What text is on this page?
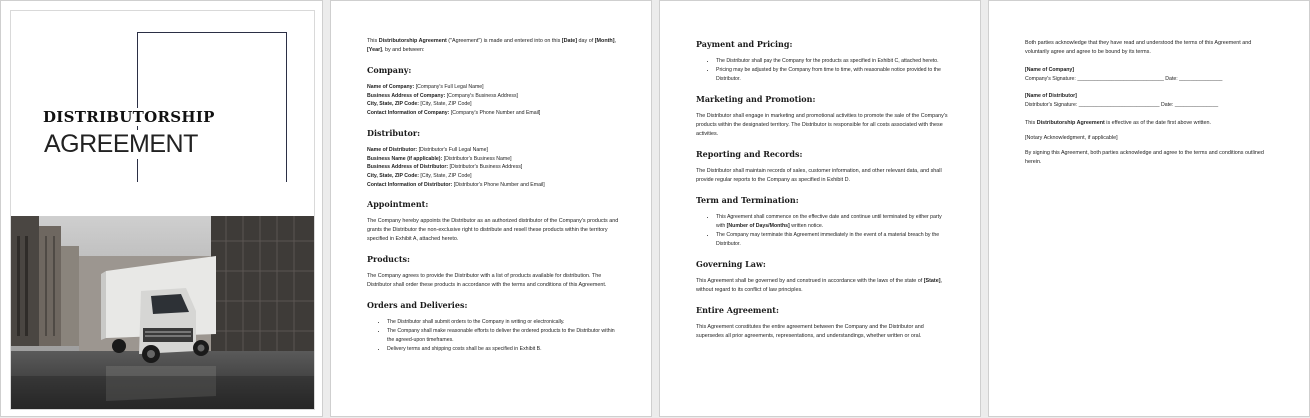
DISTRIBUTORSHIP
AGREEMENT

This Distributorship Agreement ("Agreement") is made and entered into on this [Date] day of [Month], [Year], by and between:

Company:
Name of Company: [Company's Full Legal Name]
Business Address of Company: [Company's Business Address]
City, State, ZIP Code: [City, State, ZIP Code]
Contact Information of Company: [Company's Phone Number and Email]
Distributor:
Name of Distributor: [Distributor's Full Legal Name]
Business Name (if applicable): [Distributor's Business Name]
Business Address of Distributor: [Distributor's Business Address]
City, State, ZIP Code: [City, State, ZIP Code]
Contact Information of Distributor: [Distributor's Phone Number and Email]
Appointment:

The Company hereby appoints the Distributor as an authorized distributor of the Company's products and grants the Distributor the non-exclusive right to distribute and resell these products within the territory specified in Exhibit A, attached hereto.

Products:

The Company agrees to provide the Distributor with a list of products available for distribution. The Distributor shall order these products in accordance with the terms and conditions of this Agreement.

Orders and Deliveries:
• The Distributor shall submit orders to the Company in writing or electronically.
• The Company shall make reasonable efforts to deliver the ordered products to the Distributor within the agreed-upon timeframes.
• Delivery terms and shipping costs shall be as specified in Exhibit B.
Payment and Pricing:
• The Distributor shall pay the Company for the products as specified in Exhibit C, attached hereto.
• Pricing may be adjusted by the Company from time to time, with reasonable notice provided to the Distributor.
Marketing and Promotion:

The Distributor shall engage in marketing and promotional activities to promote the sale of the Company's products within the designated territory. The Distributor is responsible for all costs associated with these activities.

Reporting and Records:

The Distributor shall maintain records of sales, customer information, and other relevant data, and shall provide regular reports to the Company as specified in Exhibit D.

Term and Termination:
• This Agreement shall commence on the effective date and continue until terminated by either party with [Number of Days/Months] written notice.
• The Company may terminate this Agreement immediately in the event of a material breach by the Distributor.
Governing Law:

This Agreement shall be governed by and construed in accordance with the laws of the state of [State], without regard to its conflict of law principles.

Entire Agreement:

This Agreement constitutes the entire agreement between the Company and the Distributor and supersedes all prior agreements, representations, and understandings, whether written or oral.

Both parties acknowledge that they have read and understood the terms of this Agreement and voluntarily agree and agree to be bound by its terms.

[Name of Company]
Company's Signature: ______________________________ Date: _______________
[Name of Distributor]
Distributor's Signature: ____________________________ Date: _______________

This Distributorship Agreement is effective as of the date first above written.

[Notary Acknowledgment, if applicable]

By signing this Agreement, both parties acknowledge and agree to the terms and conditions outlined herein.
